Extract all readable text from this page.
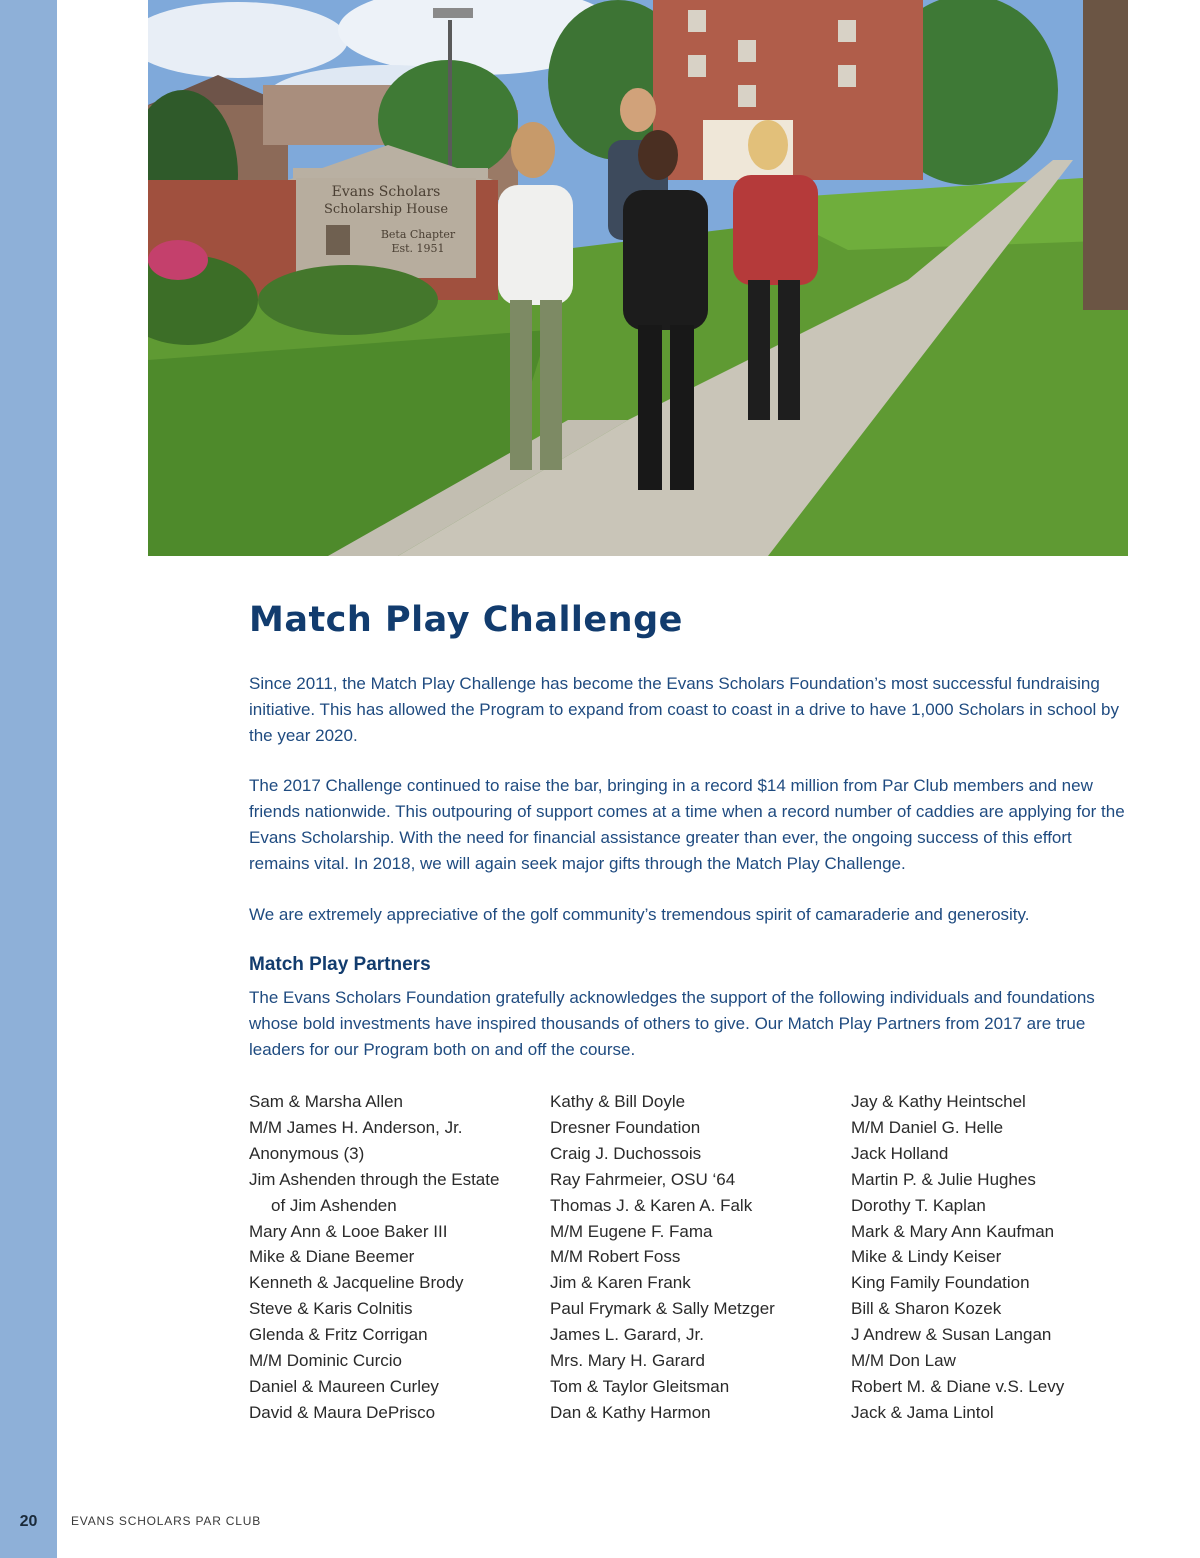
Evans Scholars
Scholarship House
Beta Chapter
Est. 1951
Match Play Challenge

Since 2011, the Match Play Challenge has become the Evans Scholars Foundation’s most successful fundraising initiative. This has allowed the Program to expand from coast to coast in a drive to have 1,000 Scholars in school by the year 2020.

The 2017 Challenge continued to raise the bar, bringing in a record $14 million from Par Club members and new friends nationwide. This outpouring of support comes at a time when a record number of caddies are applying for the Evans Scholarship. With the need for financial assistance greater than ever, the ongoing success of this effort remains vital. In 2018, we will again seek major gifts through the Match Play Challenge.

We are extremely appreciative of the golf community’s tremendous spirit of camaraderie and generosity.

Match Play Partners

The Evans Scholars Foundation gratefully acknowledges the support of the following individuals and foundations whose bold investments have inspired thousands of others to give. Our Match Play Partners from 2017 are true leaders for our Program both on and off the course.

Sam & Marsha Allen
M/M James H. Anderson, Jr.
Anonymous (3)
Jim Ashenden through the Estate
of Jim Ashenden
Mary Ann & Looe Baker III
Mike & Diane Beemer
Kenneth & Jacqueline Brody
Steve & Karis Colnitis
Glenda & Fritz Corrigan
M/M Dominic Curcio
Daniel & Maureen Curley
David & Maura DePrisco
Kathy & Bill Doyle
Dresner Foundation
Craig J. Duchossois
Ray Fahrmeier, OSU ‘64
Thomas J. & Karen A. Falk
M/M Eugene F. Fama
M/M Robert Foss
Jim & Karen Frank
Paul Frymark & Sally Metzger
James L. Garard, Jr.
Mrs. Mary H. Garard
Tom & Taylor Gleitsman
Dan & Kathy Harmon
Jay & Kathy Heintschel
M/M Daniel G. Helle
Jack Holland
Martin P. & Julie Hughes
Dorothy T. Kaplan
Mark & Mary Ann Kaufman
Mike & Lindy Keiser
King Family Foundation
Bill & Sharon Kozek
J Andrew & Susan Langan
M/M Don Law
Robert M. & Diane v.S. Levy
Jack & Jama Lintol
20	EVANS SCHOLARS PAR CLUB
